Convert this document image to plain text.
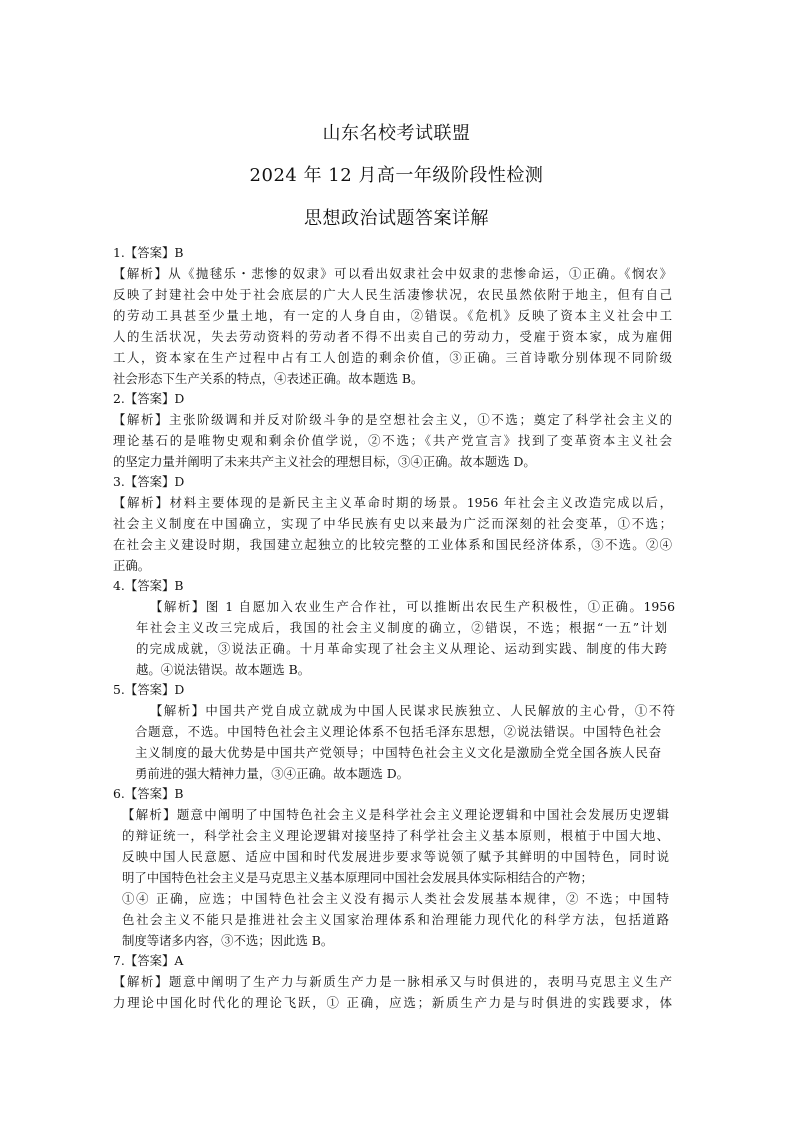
山东名校考试联盟
2024 年 12 月高一年级阶段性检测
思想政治试题答案详解
1.【答案】B
【解析】从《抛毬乐・悲惨的奴隶》可以看出奴隶社会中奴隶的悲惨命运，①正确。《悯农》
反映了封建社会中处于社会底层的广大人民生活凄惨状况，农民虽然依附于地主，但有自己
的劳动工具甚至少量土地，有一定的人身自由，②错误。《危机》反映了资本主义社会中工
人的生活状况，失去劳动资料的劳动者不得不出卖自己的劳动力，受雇于资本家，成为雇佣
工人，资本家在生产过程中占有工人创造的剩余价值，③正确。三首诗歌分别体现不同阶级
社会形态下生产关系的特点，④表述正确。故本题选 B。
2.【答案】D
【解析】主张阶级调和并反对阶级斗争的是空想社会主义，①不选；奠定了科学社会主义的
理论基石的是唯物史观和剩余价值学说，②不选；《共产党宣言》找到了变革资本主义社会
的坚定力量并阐明了未来共产主义社会的理想目标，③④正确。故本题选 D。
3.【答案】D
【解析】材料主要体现的是新民主主义革命时期的场景。1956 年社会主义改造完成以后，
社会主义制度在中国确立，实现了中华民族有史以来最为广泛而深刻的社会变革，①不选；
在社会主义建设时期，我国建立起独立的比较完整的工业体系和国民经济体系，③不选。②④
正确。
4.【答案】B
【解析】图 1 自愿加入农业生产合作社，可以推断出农民生产积极性，①正确。1956
年社会主义改三完成后，我国的社会主义制度的确立，②错误，不选；根据“一五”计划
的完成成就，③说法正确。十月革命实现了社会主义从理论、运动到实践、制度的伟大跨
越。④说法错误。故本题选 B。
5.【答案】D
【解析】中国共产党自成立就成为中国人民谋求民族独立、人民解放的主心骨，①不符
合题意，不选。中国特色社会主义理论体系不包括毛泽东思想，②说法错误。中国特色社会
主义制度的最大优势是中国共产党领导；中国特色社会主义文化是激励全党全国各族人民奋
勇前进的强大精神力量，③④正确。故本题选 D。
6.【答案】B
【解析】题意中阐明了中国特色社会主义是科学社会主义理论逻辑和中国社会发展历史逻辑
的辩证统一，科学社会主义理论逻辑对接坚持了科学社会主义基本原则，根植于中国大地、
反映中国人民意愿、适应中国和时代发展进步要求等说领了赋予其鲜明的中国特色，同时说
明了中国特色社会主义是马克思主义基本原理同中国社会发展具体实际相结合的产物；
①④ 正确，应选；中国特色社会主义没有揭示人类社会发展基本规律，② 不选；中国特
色社会主义不能只是推进社会主义国家治理体系和治理能力现代化的科学方法，包括道路
制度等诸多内容，③不选；因此选 B。
7.【答案】A
【解析】题意中阐明了生产力与新质生产力是一脉相承又与时俱进的，表明马克思主义生产
力理论中国化时代化的理论飞跃，① 正确，应选；新质生产力是与时俱进的实践要求，体
